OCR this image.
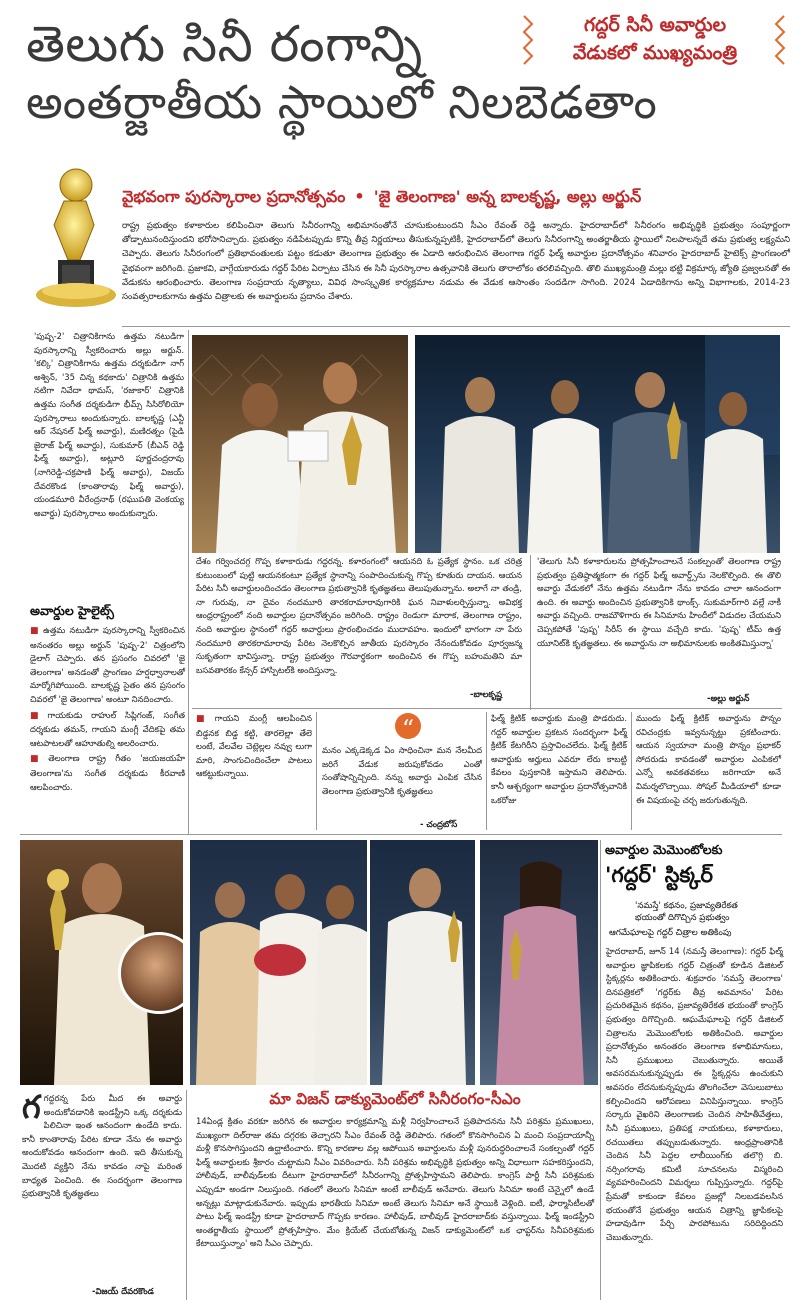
తెలుగు సినీ రంగాన్ని
అంతర్జాతీయ స్థాయిలో నిలబెడతాం
గద్దర్ సినీ అవార్డుల
వేడుకలో ముఖ్యమంత్రి
వైభవంగా పురస్కారాల ప్రదానోత్సవం • 'జై తెలంగాణ' అన్న బాలకృష్ణ, అల్లు అర్జున్
రాష్ట్ర ప్రభుత్వం కళాకారుల కలిపించినా తెలుగు సినీరంగాన్ని అభిమానంతోనే చూసుకుంటుందని సీఎం రేవంత్ రెడ్డి అన్నారు. హైదరాబాద్‌లో సినీరంగం అభివృద్ధికి ప్రభుత్వం సంపూర్ణంగా తోడ్పాటునందిస్తుందని భరోసానిచ్చారు. ప్రభుత్వం నడిపేటప్పుడు కొన్ని తీవ్ర నిర్ణయాలు తీసుకున్నప్పటికీ, హైదరాబాద్‌లో తెలుగు సినీరంగాన్ని అంతర్జాతీయ స్థాయిలో నిలపాలన్నదే తమ ప్రభుత్వ లక్ష్యమని చెప్పారు. తెలుగు సినీరంగంలో ప్రతిభావంతులకు పట్టం కడుతూ తెలంగాణ ప్రభుత్వం ఈ ఏడాది ఆరంభించిన తెలంగాణ గద్దర్ ఫిల్మ్ అవార్డుల ప్రదానోత్సవం శనివారం హైదరాబాద్ హైటెక్స్ ప్రాంగణంలో వైభవంగా జరిగింది. ప్రజాకవి, వాగ్గేయకారుడు గద్దర్ పేరిట ఏర్పాటు చేసిన ఈ సినీ పురస్కారాల ఉత్సవానికి తెలుగు తారాలోకం తరలివచ్చింది. తొలి ముఖ్యమంత్రి మల్లు భట్టి విక్రమార్క జ్యోతి ప్రజ్వలనతో ఈ వేడుకను ఆరంభించారు. తెలంగాణ సంప్రదాయ నృత్యాలు, వివిధ సాంస్కృతిక కార్యక్రమాల నడుమ ఈ వేడుక ఆసాంతం సందడిగా సాగింది. 2024 ఏడాదికిగాను అన్ని విభాగాలకు, 2014-23 సంవత్సరాలకుగాను ఉత్తమ చిత్రాలకు ఈ అవార్డులను ప్రదానం చేశారు.
'పుష్ప-2' చిత్రానికిగాను ఉత్తమ నటుడిగా పురస్కారాన్ని స్వీకరించారు అల్లు అర్జున్. 'కల్కి' చిత్రానికిగాను ఉత్తమ దర్శకుడిగా నాగ్ అశ్విన్, '35 చిన్న కథకాదు' చిత్రానికి ఉత్తమ నటిగా నివేదా థామస్, 'రజాకార్' చిత్రానికి ఉత్తమ సంగీత దర్శకుడిగా భీమ్స్ సిసిరోలియో పురస్కారాలు అందుకున్నారు. బాలకృష్ణ (ఎన్టీ ఆర్ నేషనల్ ఫిల్మ్ అవార్డు), మణిరత్నం (పైడి జైరాజ్ ఫిల్మ్ అవార్డు), సుకుమార్ (బీఎన్ రెడ్డి ఫిల్మ్ అవార్డు), అట్లూరి పూర్ణచంద్రరావు (నాగిరెడ్డి-చక్రపాణి ఫిల్మ్ అవార్డు), విజయ్ దేవరకొండ (కాంతారావు ఫిల్మ్ అవార్డు), యండమూరి వీరేంద్రనాథ్ (రఘుపతి వెంకయ్య అవార్డు) పురస్కారాలు అందుకున్నారు.
అవార్డుల హైలైట్స్

■ ఉత్తమ నటుడిగా పురస్కారాన్ని స్వీకరించిన అనంతరం అల్లు అర్జున్ 'పుష్ప-2' చిత్రంలోని డైలాగ్ చెప్పారు. తన ప్రసంగం చివరలో 'జై తెలంగాణ' అనడంతో ప్రాంగణం హర్షధ్వానాలతో మార్మోగిపోయింది. బాలకృష్ణ సైతం తన ప్రసంగం చివరలో 'జై తెలంగాణ' అంటూ నినదించారు.

■ గాయకుడు రాహుల్ సిప్లిగంజ్, సంగీత దర్శకుడు తమన్, గాయని మంగ్లీ వేదికపై తమ ఆటపాటలతో ఆహూతుల్ని అలరించారు.

■ తెలంగాణ రాష్ట్ర గీతం 'జయజయహే తెలంగాణ'ను సంగీత దర్శకుడు కీరవాణి ఆలపించారు.

దేశం గర్వించదగ్గ గొప్ప కళాకారుడు గద్దరన్న. కళారంగంలో ఆయనది ఓ ప్రత్యేక స్థానం. ఒక చరిత్ర కుటుంబంలో పుట్టి ఆయనకంటూ ప్రత్యేక స్థానాన్ని సంపాదించుకున్న గొప్ప కూతురు దాయన. ఆయన పేరిట సినీ అవార్డులందించడం తెలంగాణ ప్రభుత్వానికి కృతజ్ఞతలు తెలుపుతున్నాను. అలాగే నా తండ్రి, నా గురువు, నా దైవం నందమూరి తారకరామారావుగారికి ఘన నివాళులర్పిస్తున్నా. అవిభక్త ఆంధ్రరాష్ట్రంలో నంది అవార్డుల ప్రదానోత్సవం జరిగింది. రాష్ట్రం రెండుగా మారాక, తెలంగాణ రాష్ట్రం, నంది అవార్డుల స్థానంలో గద్దర్ అవార్డులు ప్రారంభించడం ముదావహం. ఇందులో భాగంగా నా పేరు నందమూరి తారకరామారావు పేరిట నెలకొల్పిన జాతీయ పురస్కారం నేనందుకోవడం పూర్వజన్మ సుకృతంగా భావిస్తున్నా. రాష్ట్ర ప్రభుత్వం గౌరవార్థకంగా అందించిన ఈ గొప్ప బహుమతిని మా బసవతారకం కేన్సర్ హాస్పిటల్‌కి అందిస్తున్నా.
-బాలకృష్ణ
'తెలుగు సినీ కళాకారులను ప్రోత్సహించాలనే సంకల్పంతో తెలంగాణ రాష్ట్ర ప్రభుత్వం ప్రతిష్ఠాత్మకంగా ఈ గద్దర్ ఫిల్మ్ అవార్డ్స్‌ను నెలకొల్పింది. ఈ తొలి అవార్డు వేడుకలో నేను ఉత్తమ నటుడిగా నేను కావడం చాలా ఆనందంగా ఉంది. ఈ అవార్డు అందించిన ప్రభుత్వానికి థాంక్స్. సుకుమార్‌గారి వల్లే నాకీ అవార్డు వచ్చింది. రాజమౌళిగారు ఈ సినిమాను హిందీలో విడుదల చేయమని చెప్పకపోతే 'పుష్ప' సిరీస్ ఈ స్థాయి వచ్చేది కాదు. 'పుష్ప' టీమ్ ఉత్త యూనిట్‌కి కృతజ్ఞతలు. ఈ అవార్డును నా అభిమానులకు అంకితమిస్తున్నా'
-అల్లు అర్జున్

■ గాయని మంగ్లీ ఆలపించిన బిడ్డనక బిడ్డ కట్టి, తారలెల్లా తేలె లంటే, వేలవేల చెట్లెల్లల నవ్వు లుగా మారి, సాంగుచిందించేలా పాటలు ఆకట్టుకున్నాయి.

“
మనం ఎక్కడెక్కడ ఏం సాధించినా మన నేలమీద జరిగే వేడుక జరుపుకోవడం ఎంతో సంతోషాన్నిచ్చింది. నన్ను అవార్డు ఎంపిక చేసిన తెలంగాణ ప్రభుత్వానికి కృతజ్ఞతలు
- చంద్రబోస్
ఫిల్మ్ క్రిటిక్ అవార్డుకు మంత్రి పొడరుదు. గద్దర్ అవార్డుల ప్రకటన సందర్భంగా ఫిల్మ్ క్రిటిక్ కేటగిరీని ప్రస్తావించలేదు. ఫిల్మ్ క్రిటిక్ అవార్డుకు అర్హులు ఎవరూ లేరు కాబట్టి కేవలం పుస్తకానికి ఇస్తామని తెలిపారు. కానీ ఆశ్చర్యంగా అవార్డుల ప్రదానోత్సవానికి ఒకరోజు
ముందు ఫిల్మ్ క్రిటిక్ అవార్డును పొన్నం రవిచంద్రకు ఇవ్వనున్నట్టు ప్రకటించారు. ఆయన స్వయానా మంత్రి పొన్నం ప్రభాకర్ సోదరుడు కావడంతో అవార్డుల ఎంపికలో ఎన్నో అవకతవకలు జరిగాయా అనే విమర్శలొచ్చాయి. సోషల్ మీడియాలో కూడా ఈ విషయంపై చర్చ జరుగుతున్నది.
అవార్డుల మెమొంటోలకు
'గద్దర్' స్టిక్కర్
'నమస్తే' కథనం, ప్రజావ్యతిరేకత
భయంతో దిగొచ్చిన ప్రభుత్వం
ఆగమేఘాలపై గద్దర్ చిత్రాల అతికింపు
హైదరాబాద్, జూన్ 14 (నమస్తే తెలంగాణ): గద్దర్ ఫిల్మ్ అవార్డుల జ్ఞాపికలకు గద్దర్ చిత్రంతో కూడిన డిజిటల్ స్టిక్కర్లను అతికించారు. శుక్రవారం 'నమస్తే తెలంగాణ' దినపత్రికలో 'గద్దర్‌కు తీవ్ర అవమానం' పేరిట ప్రచురితమైన కథనం, ప్రజావ్యతిరేకత భయంతో కాంగ్రెస్ ప్రభుత్వం దిగొచ్చింది. ఆఘమేఘాలపై గద్దర్ డిజిటల్ చిత్రాలను మెమొంటోలకు అతికించింది. అవార్డుల ప్రదానోత్సవం అనంతరం తెలంగాణ కళాభిమానులు, సినీ ప్రముఖులు చెబుతున్నారు. అయితే అవసరమనుకున్నప్పుడు ఈ స్టిక్కర్లను ఉంచుకుని అవసరం లేదనుకున్నప్పుడు తొలగించేలా వెసులుబాటు కల్పించిందని ఆరోపణలు వినిపిస్తున్నాయి. కాంగ్రెస్ సర్కారు వైఖరిని తెలంగాణకు చెందిన సాహితీవేత్తలు, సినీ ప్రముఖులు, ప్రతిపక్ష నాయకులు, కళాకారులు, రచయితలు తప్పుబడుతున్నారు. ఆంధ్రప్రాంతానికి చెందిన సినీ పెద్దల లాబీయింగ్‌కు తలొగ్గి బి. నర్సింగరావు కమిటీ సూచనలను విస్మరించి వ్యవహరించిందని విమర్శలు గుప్పిస్తున్నారు. గద్దర్‌పై ప్రేమతో కాకుండా కేవలం ప్రజల్లో నిలబడవలసిన భయంతోనే ప్రభుత్వం ఆయన చిత్రాన్ని జ్ఞాపికలపై హడావుడిగా పేర్చి పారపోటును సరిదిద్దిందని చెబుతున్నారు.
గగద్దరన్న పేరు మీద ఈ అవార్డు అందుకోవడానికి ఇండస్ట్రీని ఒక్క దర్శకుడు పిలిచినా ఇంత ఆనందంగా ఉండేది కాదు. కానీ కాంతారావు పేరిట కూడా నేను ఈ అవార్డు అందుకోవడం ఆనందంగా ఉంది. ఇది తీసుకున్న మొదటి వ్యక్తిని నేను కావడం నాపై మరింత బాధ్యత పెంచింది. ఈ సందర్భంగా తెలంగాణ ప్రభుత్వానికి కృతజ్ఞతలు
-విజయ్ దేవరకొండ
మా విజన్ డాక్యుమెంట్‌లో సినీరంగం-సీఎం
14ఏండ్ల క్రితం వరకూ జరిగిన ఈ అవార్డుల కార్యక్రమాన్ని మళ్లీ నిర్వహించాలనే ప్రతిపాదనను సినీ పరిశ్రమ ప్రముఖులు, ముఖ్యంగా దిల్‌రాజు తమ దగ్గరకు తెచ్చారని సీఎం రేవంత్ రెడ్డి తెలిపారు. గతంలో కొనసాగించిన ఏ మంచి సంప్రదాయాన్నీ మళ్లీ కొనసాగిస్తుందని ఉద్ఘాటించారు. కొన్ని కారణాల వల్ల ఆపోయిన అవార్డులను మళ్లీ పునరుద్ధరించాలనే సంకల్పంతో గద్దర్ ఫిల్మ్ అవార్డులకు శ్రీకారం చుట్టామని సీఎం వివరించారు. సినీ పరిశ్రమ అభివృద్ధికి ప్రభుత్వం అన్ని విధాలుగా సహకరిస్తుందని, హాలీవుడ్, బాలీవుడ్‌లకు దీటుగా హైదరాబాద్‌లో సినీరంగాన్ని ప్రోత్సహిస్తామని తెలిపారు. కాంగ్రెస్ పార్టీ సినీ పరిశ్రమకు ఎప్పుడూ అండగా నిలుస్తుంది. గతంలో తెలుగు సినిమా అంటే బాలీవుడ్ అనేవారు. తెలుగు సినిమా అంటే చెన్నైలో ఉండే అన్నట్లు మాట్లాడుకునేవారు. ఇప్పుడు భారతీయ సినిమా అంటే తెలుగు సినిమా అనే స్థాయికి వెళ్లింది. ఐటీ, ఫార్మాసిటీలతో పాటు ఫిల్మ్ ఇండస్ట్రీ కూడా హైదరాబాద్ గొప్పకు కారణం. హాలీవుడ్, బాలీవుడ్ హైదరాబాద్‌కు వస్తున్నాయి. ఫిల్మ్ ఇండస్ట్రీని అంతర్జాతీయ స్థాయిలో ప్రోత్సహిస్తాం. మేం క్రియేట్ చేయబోతున్న విజన్ డాక్యుమెంట్‌లో ఒక ఛాప్టర్‌ను సినీపరిశ్రమకు కేటాయిస్తున్నాం' అని సీఎం చెప్పారు.
